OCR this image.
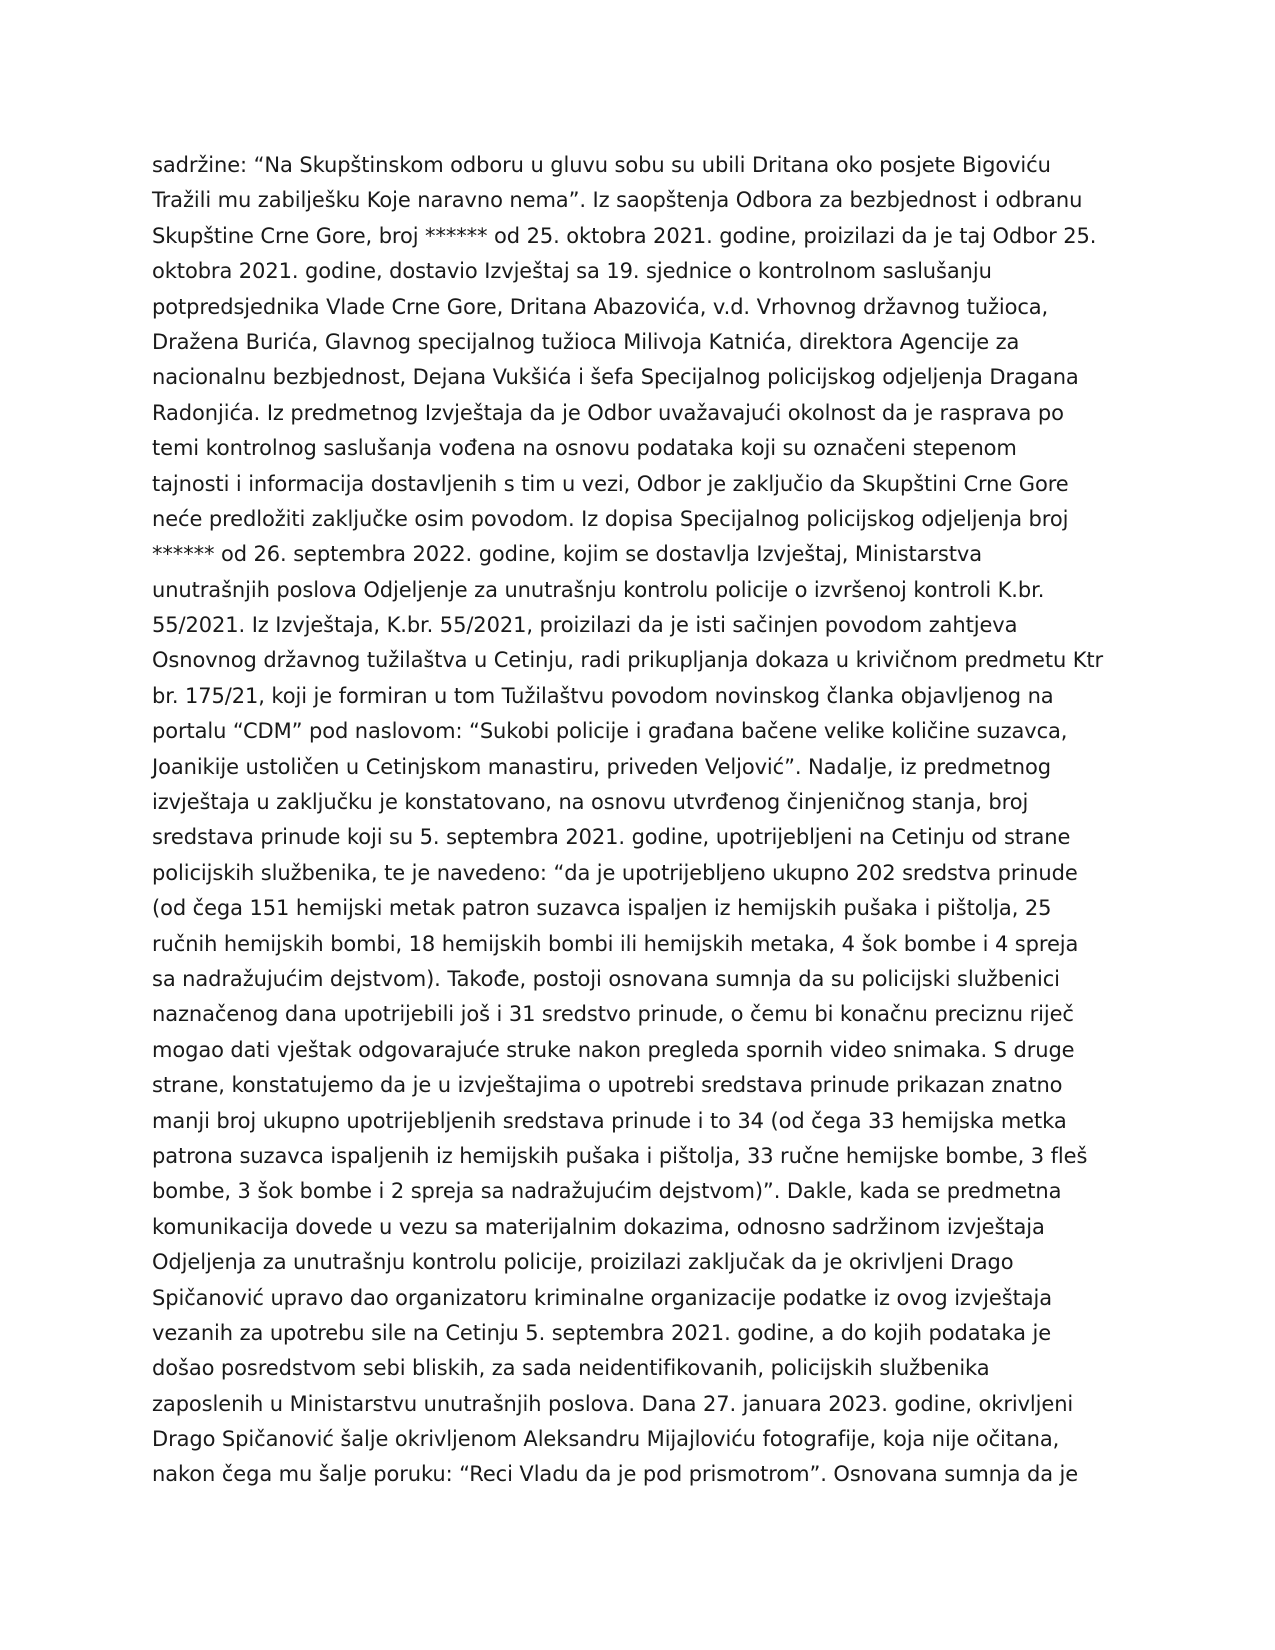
sadržine: “Na Skupštinskom odboru u gluvu sobu su ubili Dritana oko posjete Bigoviću
Tražili mu zabilješku Koje naravno nema”. Iz saopštenja Odbora za bezbjednost i odbranu
Skupštine Crne Gore, broj ****** od 25. oktobra 2021. godine, proizilazi da je taj Odbor 25.
oktobra 2021. godine, dostavio Izvještaj sa 19. sjednice o kontrolnom saslušanju
potpredsjednika Vlade Crne Gore, Dritana Abazovića, v.d. Vrhovnog državnog tužioca,
Dražena Burića, Glavnog specijalnog tužioca Milivoja Katnića, direktora Agencije za
nacionalnu bezbjednost, Dejana Vukšića i šefa Specijalnog policijskog odjeljenja Dragana
Radonjića. Iz predmetnog Izvještaja da je Odbor uvažavajući okolnost da je rasprava po
temi kontrolnog saslušanja vođena na osnovu podataka koji su označeni stepenom
tajnosti i informacija dostavljenih s tim u vezi, Odbor je zaključio da Skupštini Crne Gore
neće predložiti zaključke osim povodom. Iz dopisa Specijalnog policijskog odjeljenja broj
****** od 26. septembra 2022. godine, kojim se dostavlja Izvještaj, Ministarstva
unutrašnjih poslova Odjeljenje za unutrašnju kontrolu policije o izvršenoj kontroli K.br.
55/2021. Iz Izvještaja, K.br. 55/2021, proizilazi da je isti sačinjen povodom zahtjeva
Osnovnog državnog tužilaštva u Cetinju, radi prikupljanja dokaza u krivičnom predmetu Ktr
br. 175/21, koji je formiran u tom Tužilaštvu povodom novinskog članka objavljenog na
portalu “CDM” pod naslovom: “Sukobi policije i građana bačene velike količine suzavca,
Joanikije ustoličen u Cetinjskom manastiru, priveden Veljović”. Nadalje, iz predmetnog
izvještaja u zaključku je konstatovano, na osnovu utvrđenog činjeničnog stanja, broj
sredstava prinude koji su 5. septembra 2021. godine, upotrijebljeni na Cetinju od strane
policijskih službenika, te je navedeno: “da je upotrijebljeno ukupno 202 sredstva prinude
(od čega 151 hemijski metak patron suzavca ispaljen iz hemijskih pušaka i pištolja, 25
ručnih hemijskih bombi, 18 hemijskih bombi ili hemijskih metaka, 4 šok bombe i 4 spreja
sa nadražujućim dejstvom). Takođe, postoji osnovana sumnja da su policijski službenici
naznačenog dana upotrijebili još i 31 sredstvo prinude, o čemu bi konačnu preciznu riječ
mogao dati vještak odgovarajuće struke nakon pregleda spornih video snimaka. S druge
strane, konstatujemo da je u izvještajima o upotrebi sredstava prinude prikazan znatno
manji broj ukupno upotrijebljenih sredstava prinude i to 34 (od čega 33 hemijska metka
patrona suzavca ispaljenih iz hemijskih pušaka i pištolja, 33 ručne hemijske bombe, 3 fleš
bombe, 3 šok bombe i 2 spreja sa nadražujućim dejstvom)”. Dakle, kada se predmetna
komunikacija dovede u vezu sa materijalnim dokazima, odnosno sadržinom izvještaja
Odjeljenja za unutrašnju kontrolu policije, proizilazi zaključak da je okrivljeni Drago
Spičanović upravo dao organizatoru kriminalne organizacije podatke iz ovog izvještaja
vezanih za upotrebu sile na Cetinju 5. septembra 2021. godine, a do kojih podataka je
došao posredstvom sebi bliskih, za sada neidentifikovanih, policijskih službenika
zaposlenih u Ministarstvu unutrašnjih poslova. Dana 27. januara 2023. godine, okrivljeni
Drago Spičanović šalje okrivljenom Aleksandru Mijajloviću fotografije, koja nije očitana,
nakon čega mu šalje poruku: “Reci Vladu da je pod prismotrom”. Osnovana sumnja da je
